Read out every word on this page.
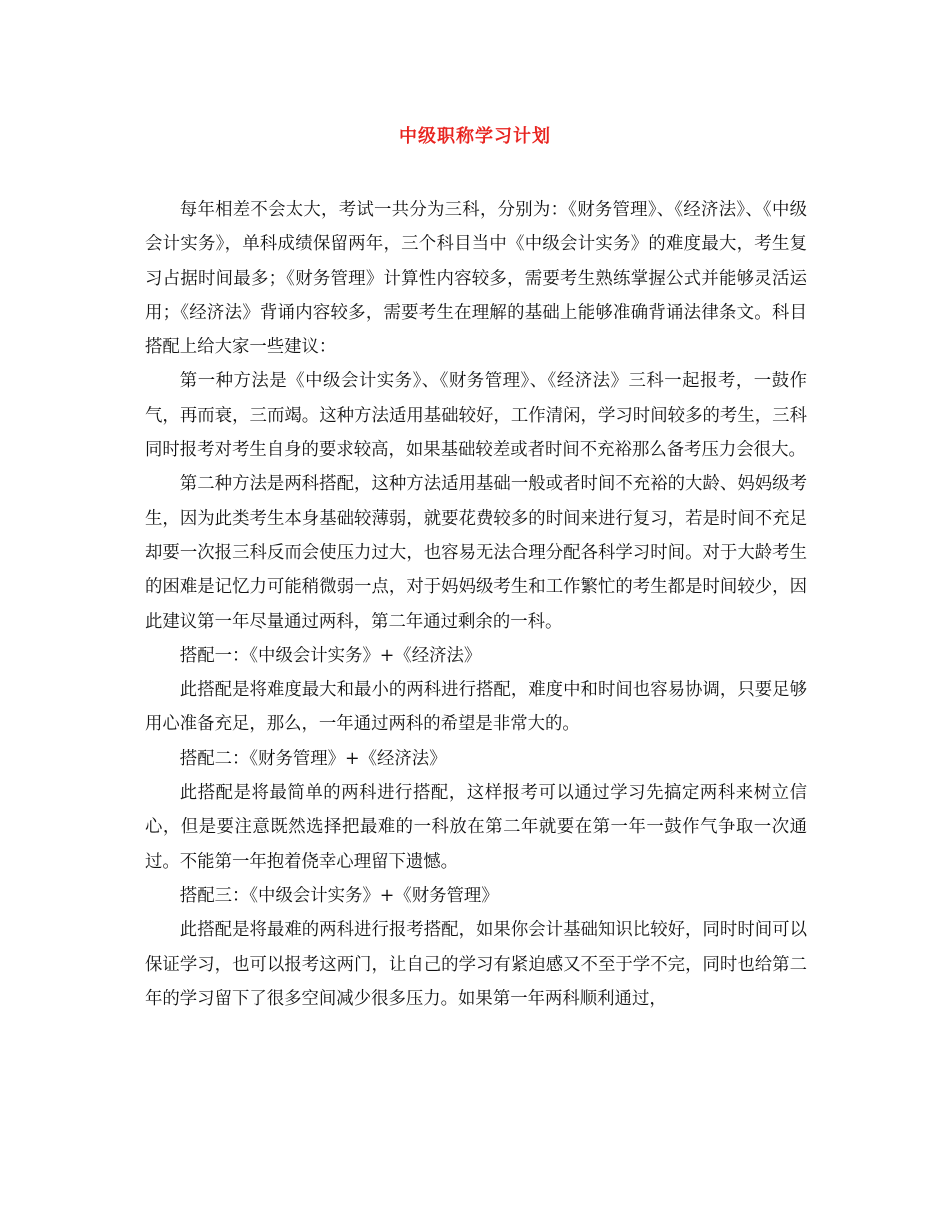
中级职称学习计划

每年相差不会太大，考试一共分为三科，分别为：《财务管理》、《经济法》、《中级会计实务》，单科成绩保留两年，三个科目当中《中级会计实务》的难度最大，考生复习占据时间最多；《财务管理》计算性内容较多，需要考生熟练掌握公式并能够灵活运用；《经济法》背诵内容较多，需要考生在理解的基础上能够准确背诵法律条文。科目搭配上给大家一些建议：

第一种方法是《中级会计实务》、《财务管理》、《经济法》三科一起报考，一鼓作气，再而衰，三而竭。这种方法适用基础较好，工作清闲，学习时间较多的考生，三科同时报考对考生自身的要求较高，如果基础较差或者时间不充裕那么备考压力会很大。

第二种方法是两科搭配，这种方法适用基础一般或者时间不充裕的大龄、妈妈级考生，因为此类考生本身基础较薄弱，就要花费较多的时间来进行复习，若是时间不充足却要一次报三科反而会使压力过大，也容易无法合理分配各科学习时间。对于大龄考生的困难是记忆力可能稍微弱一点，对于妈妈级考生和工作繁忙的考生都是时间较少，因此建议第一年尽量通过两科，第二年通过剩余的一科。

搭配一：《中级会计实务》+《经济法》

此搭配是将难度最大和最小的两科进行搭配，难度中和时间也容易协调，只要足够用心准备充足，那么，一年通过两科的希望是非常大的。

搭配二：《财务管理》+《经济法》

此搭配是将最简单的两科进行搭配，这样报考可以通过学习先搞定两科来树立信心，但是要注意既然选择把最难的一科放在第二年就要在第一年一鼓作气争取一次通过。不能第一年抱着侥幸心理留下遗憾。

搭配三：《中级会计实务》+《财务管理》

此搭配是将最难的两科进行报考搭配，如果你会计基础知识比较好，同时时间可以保证学习，也可以报考这两门，让自己的学习有紧迫感又不至于学不完，同时也给第二年的学习留下了很多空间减少很多压力。如果第一年两科顺利通过，
